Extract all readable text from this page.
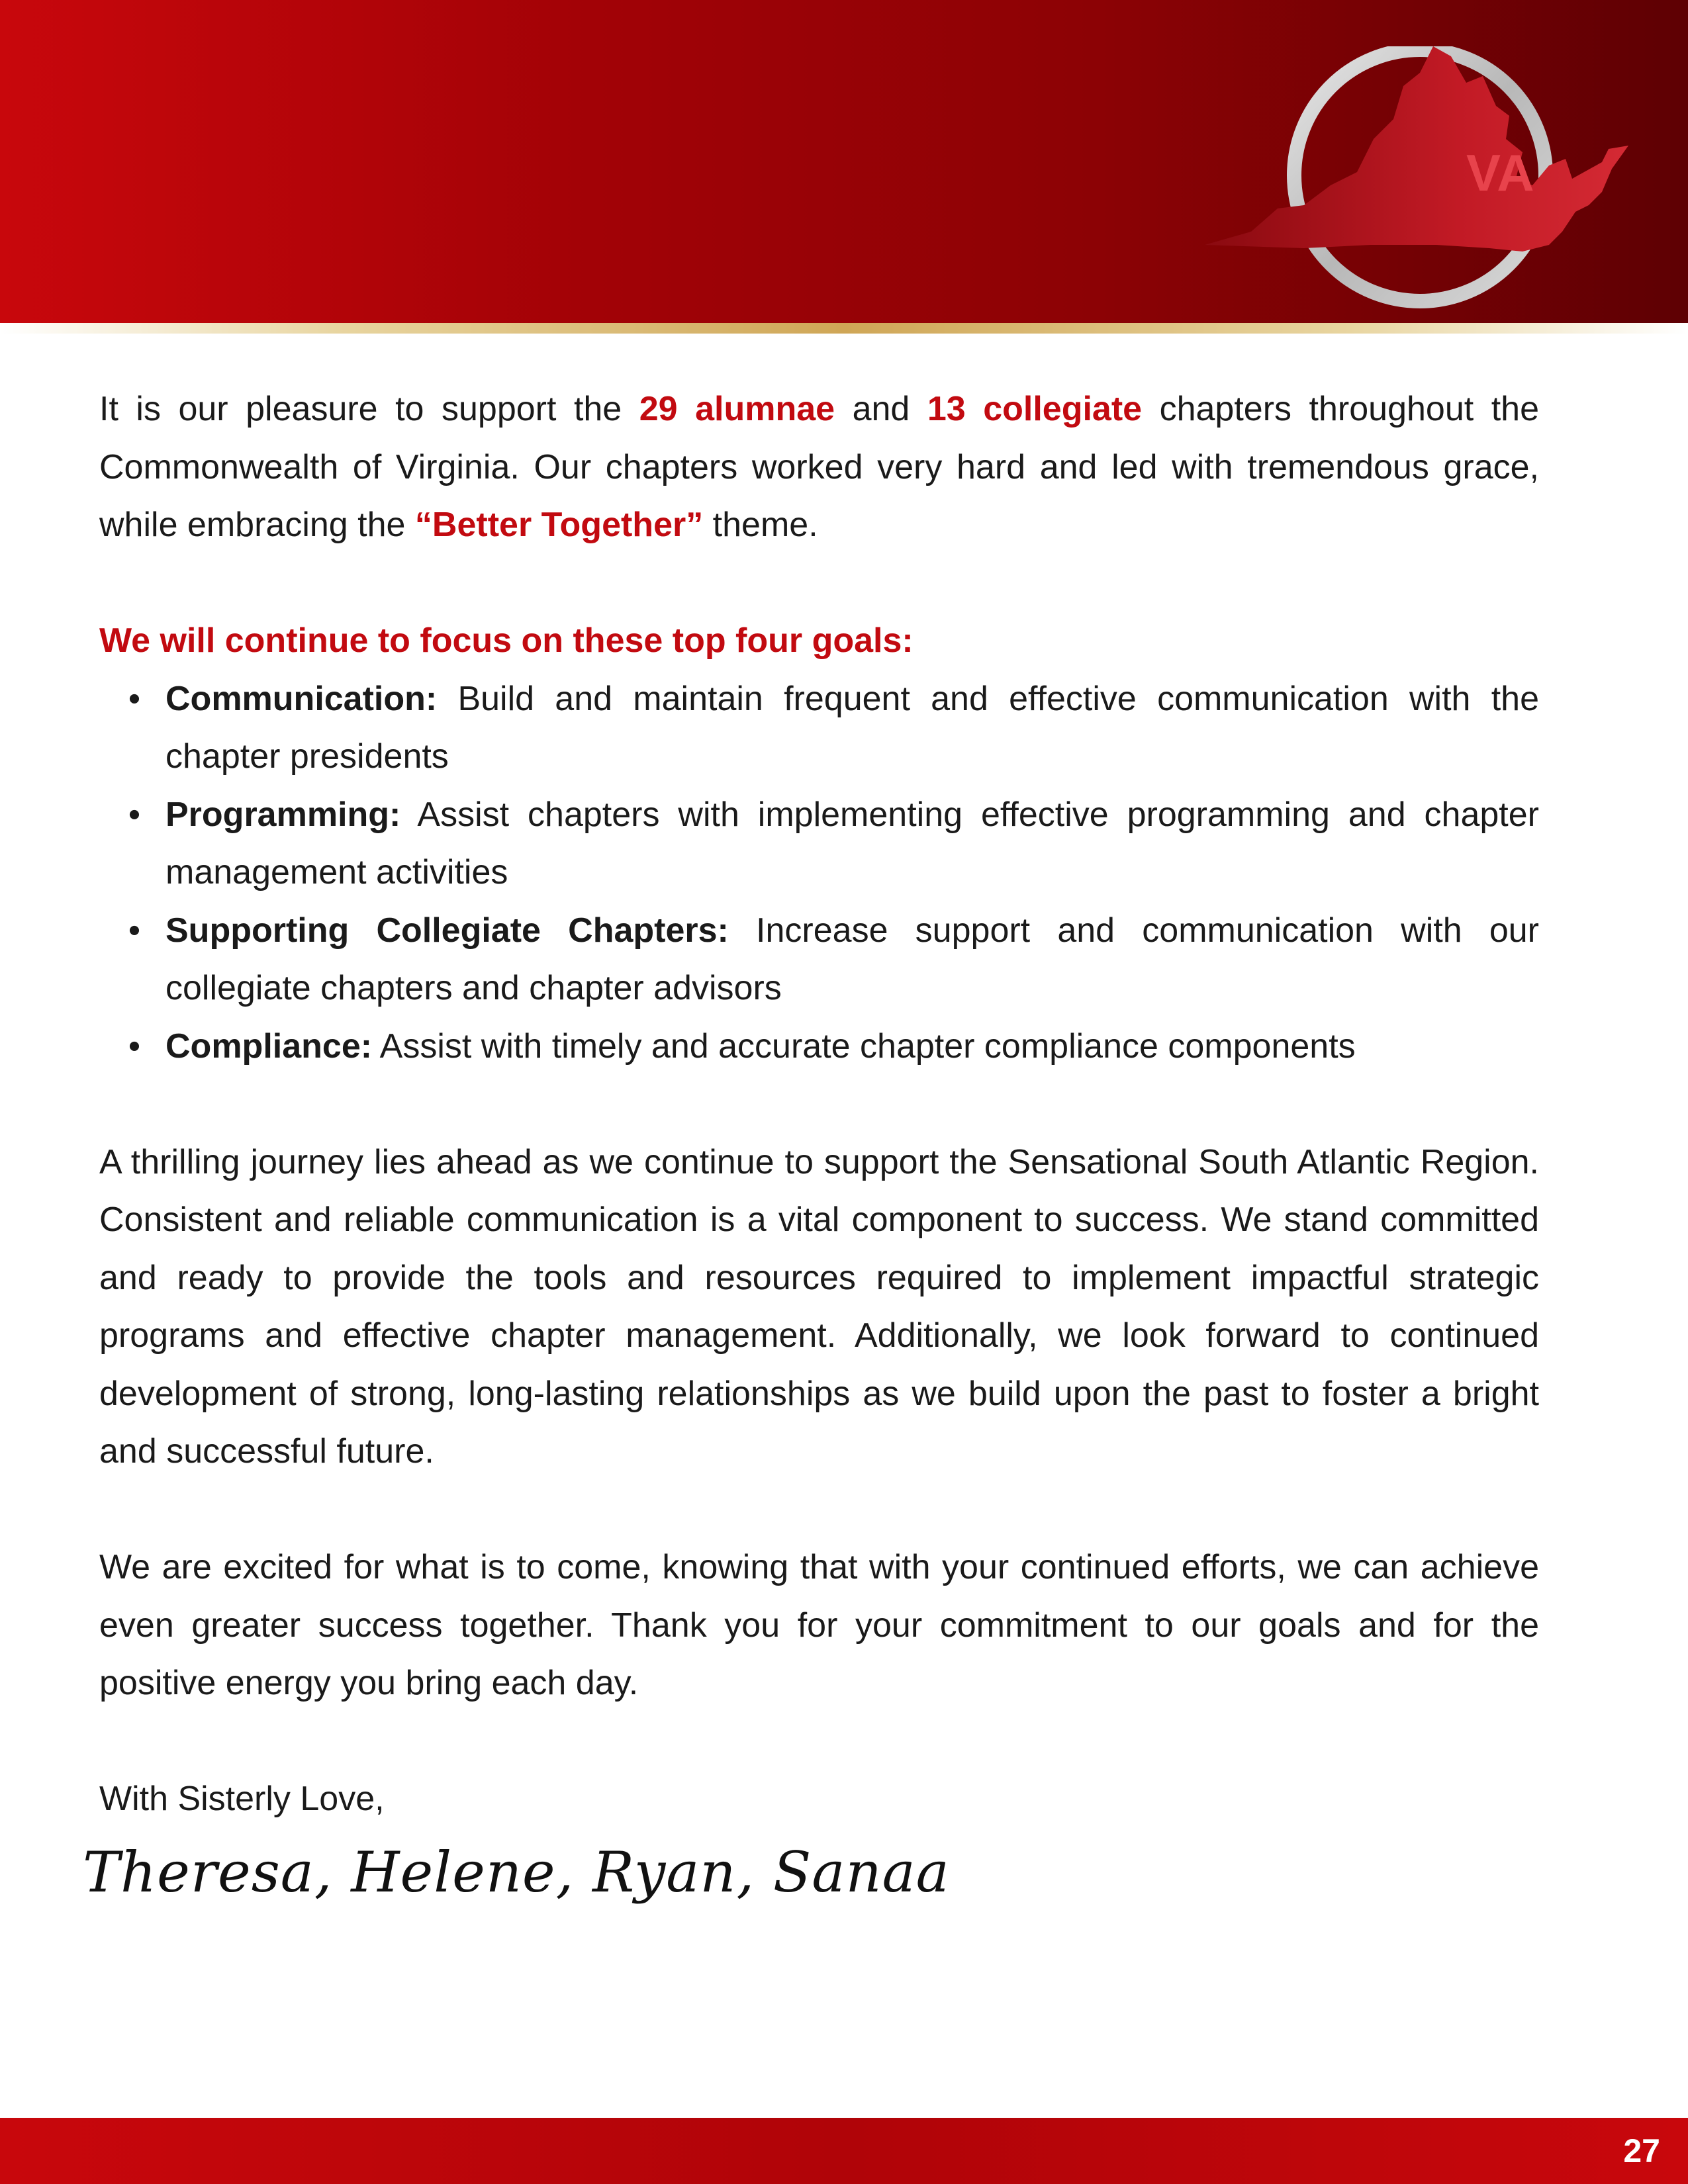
VA

It is our pleasure to support the 29 alumnae and 13 collegiate chapters throughout the Commonwealth of Virginia. Our chapters worked very hard and led with tremendous grace, while embracing the “Better Together” theme.

We will continue to focus on these top four goals:

• Communication: Build and maintain frequent and effective communication with the chapter presidents
• Programming: Assist chapters with implementing effective programming and chapter management activities
• Supporting Collegiate Chapters: Increase support and communication with our collegiate chapters and chapter advisors
• Compliance: Assist with timely and accurate chapter compliance components

A thrilling journey lies ahead as we continue to support the Sensational South Atlantic Region. Consistent and reliable communication is a vital component to success. We stand committed and ready to provide the tools and resources required to implement impactful strategic programs and effective chapter management. Additionally, we look forward to continued development of strong, long-lasting relationships as we build upon the past to foster a bright and successful future.

We are excited for what is to come, knowing that with your continued efforts, we can achieve even greater success together. Thank you for your commitment to our goals and for the positive energy you bring each day.

With Sisterly Love,

Theresa, Helene, Ryan, Sanaa
27
